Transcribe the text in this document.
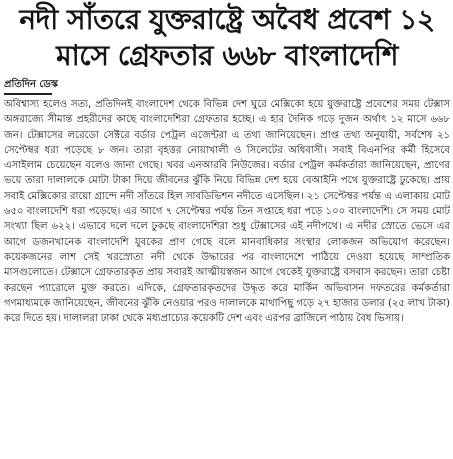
নদী সাঁতরে যুক্তরাষ্ট্রে অবৈধ প্রবেশ ১২ মাসে গ্রেফতার ৬৬৮ বাংলাদেশি
প্রতিদিন ডেস্ক

অবিশ্বাস্য হলেও সত্য, প্রতিদিনই বাংলাদেশ থেকে বিভিন্ন দেশ ঘুরে মেক্সিকো হয়ে যুক্তরাষ্ট্রে প্রবেশের সময় টেক্সাস অঙ্গরাজ্যে সীমান্ত প্রহরীদের কাছে বাংলাদেশিরা গ্রেফতার হচ্ছে। এ হার দৈনিক গড়ে দুজন অর্থাৎ ১২ মাসে ৬৬৮ জন। টেক্সাসের লরেডো সেক্টরে বর্ডার পেট্রল এজেন্টরা এ তথ্য জানিয়েছেন। প্রাপ্ত তথ্য অনুযায়ী, সর্বশেষ ২১ সেপ্টেম্বর ধরা পড়েছে ৮ জন। তারা বৃহত্তর নোয়াখালী ও সিলেটের অধিবাসী। সবাই বিএনপির কর্মী হিসেবে এসাইলাম চেয়েছেন বলেও জানা গেছে। খবর এনআরবি নিউজের। বর্ডার পেট্রল কর্মকর্তারা জানিয়েছেন, প্রাণের ভয়ে তারা দালালকে মোটা টাকা দিয়ে জীবনের ঝুঁকি নিয়ে বিভিন্ন দেশ হয়ে বেআইনি পথে যুক্তরাষ্ট্রে ঢুকেছে। প্রায় সবাই মেক্সিকোর রায়ো গ্রান্দে নদী সাঁতরে হিল সাবডিভিশন নদীতে এসেছিল। ২১ সেপ্টেম্বর পর্যন্ত এ এলাকায় মোট ৬৫০ বাংলাদেশি ধরা পড়েছে। এর আগে ৭ সেপ্টেম্বর পর্যন্ত তিন সপ্তাহে ধরা পড়ে ১০০ বাংলাদেশি। সে সময় মোট সংখ্যা ছিল ৬২২। এভাবে দলে দলে ঢুকছে বাংলাদেশিরা শুধু টেক্সাসের এই নদীপথে। এ নদীর স্রোতে ভেসে এর আগে ডজনখানেক বাংলাদেশি যুবকের প্রাণ গেছে বলে মানবাধিকার সংস্থার লোকজন অভিযোগ করেছেন। কয়েকজনের লাশ সেই খরস্রোতা নদী থেকে উদ্ধারের পর বাংলাদেশে পাঠিয়ে দেওয়া হয়েছে সাম্প্রতিক মাসগুলোতে। টেক্সাসে গ্রেফতারকৃত প্রায় সবারই আত্মীয়স্বজন আগে থেকেই যুক্তরাষ্ট্রে বসবাস করছেন। তারা চেষ্টা করছেন প্যারোলে মুক্ত করতে। এদিকে, গ্রেফতারকৃতদের উদ্ধৃত করে মার্কিন অভিবাসন দফতরের কর্মকর্তারা গণমাধ্যমকে জানিয়েছেন, জীবনের ঝুঁকি নেওয়ার পরও দালালকে মাথাপিছু গড়ে ২৭ হাজার ডলার (২৫ লাখ টাকা) করে দিতে হয়। দালালরা ঢাকা থেকে মধ্যপ্রাচ্যের কয়েকটি দেশ এবং এরপর ব্রাজিলে পাঠায় বৈধ ভিসায়।
